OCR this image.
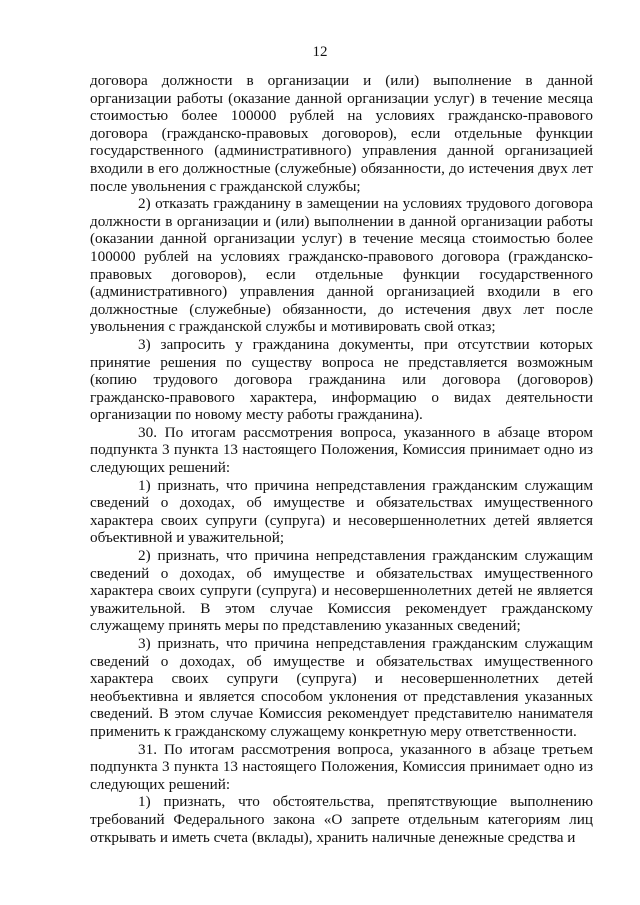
12

договора должности в организации и (или) выполнение в данной организации работы (оказание данной организации услуг) в течение месяца стоимостью более 100000 рублей на условиях гражданско-правового договора (гражданско-правовых договоров), если отдельные функции государственного (административного) управления данной организацией входили в его должностные (служебные) обязанности, до истечения двух лет после увольнения с гражданской службы;

2) отказать гражданину в замещении на условиях трудового договора должности в организации и (или) выполнении в данной организации работы (оказании данной организации услуг) в течение месяца стоимостью более 100000 рублей на условиях гражданско-правового договора (гражданско-правовых договоров), если отдельные функции государственного (административного) управления данной организацией входили в его должностные (служебные) обязанности, до истечения двух лет после увольнения с гражданской службы и мотивировать свой отказ;

3) запросить у гражданина документы, при отсутствии которых принятие решения по существу вопроса не представляется возможным (копию трудового договора гражданина или договора (договоров) гражданско-правового характера, информацию о видах деятельности организации по новому месту работы гражданина).

30. По итогам рассмотрения вопроса, указанного в абзаце втором подпункта 3 пункта 13 настоящего Положения, Комиссия принимает одно из следующих решений:

1) признать, что причина непредставления гражданским служащим сведений о доходах, об имуществе и обязательствах имущественного характера своих супруги (супруга) и несовершеннолетних детей является объективной и уважительной;

2) признать, что причина непредставления гражданским служащим сведений о доходах, об имуществе и обязательствах имущественного характера своих супруги (супруга) и несовершеннолетних детей не является уважительной. В этом случае Комиссия рекомендует гражданскому служащему принять меры по представлению указанных сведений;

3) признать, что причина непредставления гражданским служащим сведений о доходах, об имуществе и обязательствах имущественного характера своих супруги (супруга) и несовершеннолетних детей необъективна и является способом уклонения от представления указанных сведений. В этом случае Комиссия рекомендует представителю нанимателя применить к гражданскому служащему конкретную меру ответственности.

31. По итогам рассмотрения вопроса, указанного в абзаце третьем подпункта 3 пункта 13 настоящего Положения, Комиссия принимает одно из следующих решений:

1) признать, что обстоятельства, препятствующие выполнению требований Федерального закона «О запрете отдельным категориям лиц открывать и иметь счета (вклады), хранить наличные денежные средства и
